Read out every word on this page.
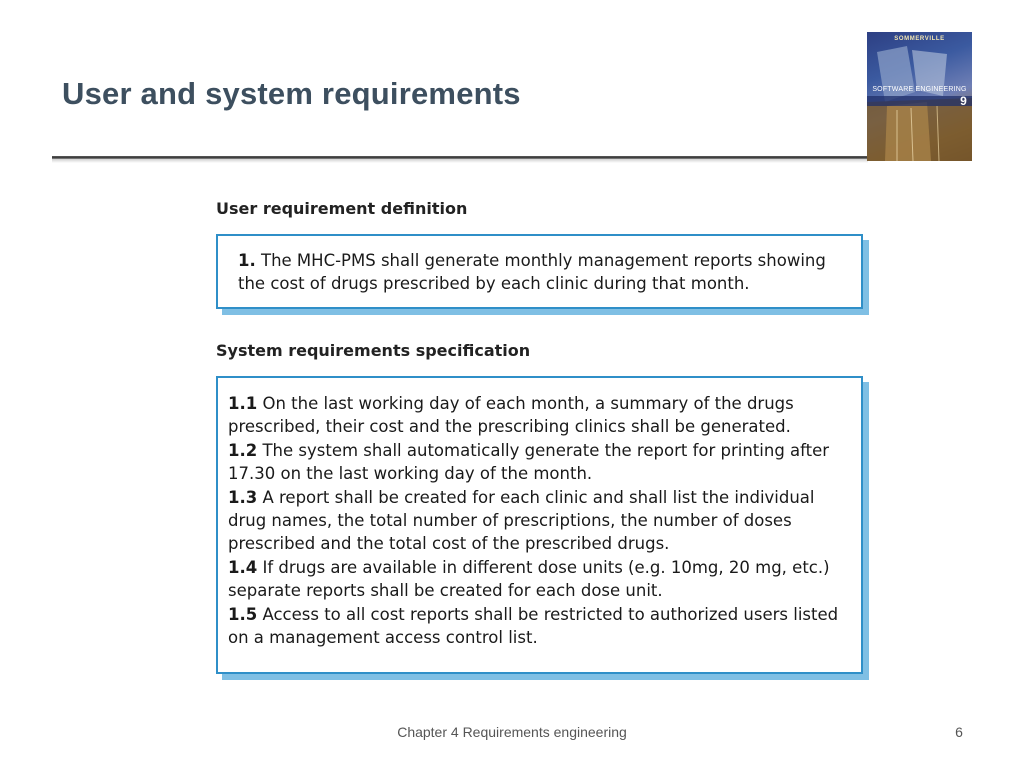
User and system requirements
SOMMERVILLE
SOFTWARE ENGINEERING
9
User requirement definition

1. The MHC-PMS shall generate monthly management reports showing the cost of drugs prescribed by each clinic during that month.

System requirements specification

1.1 On the last working day of each month, a summary of the drugs prescribed, their cost and the prescribing clinics shall be generated.

1.2 The system shall automatically generate the report for printing after 17.30 on the last working day of the month.

1.3 A report shall be created for each clinic and shall list the individual drug names, the total number of prescriptions, the number of doses prescribed and the total cost of the prescribed drugs.

1.4 If drugs are available in different dose units (e.g. 10mg, 20 mg, etc.) separate reports shall be created for each dose unit.

1.5 Access to all cost reports shall be restricted to authorized users listed on a management access control list.

Chapter 4 Requirements engineering	6
